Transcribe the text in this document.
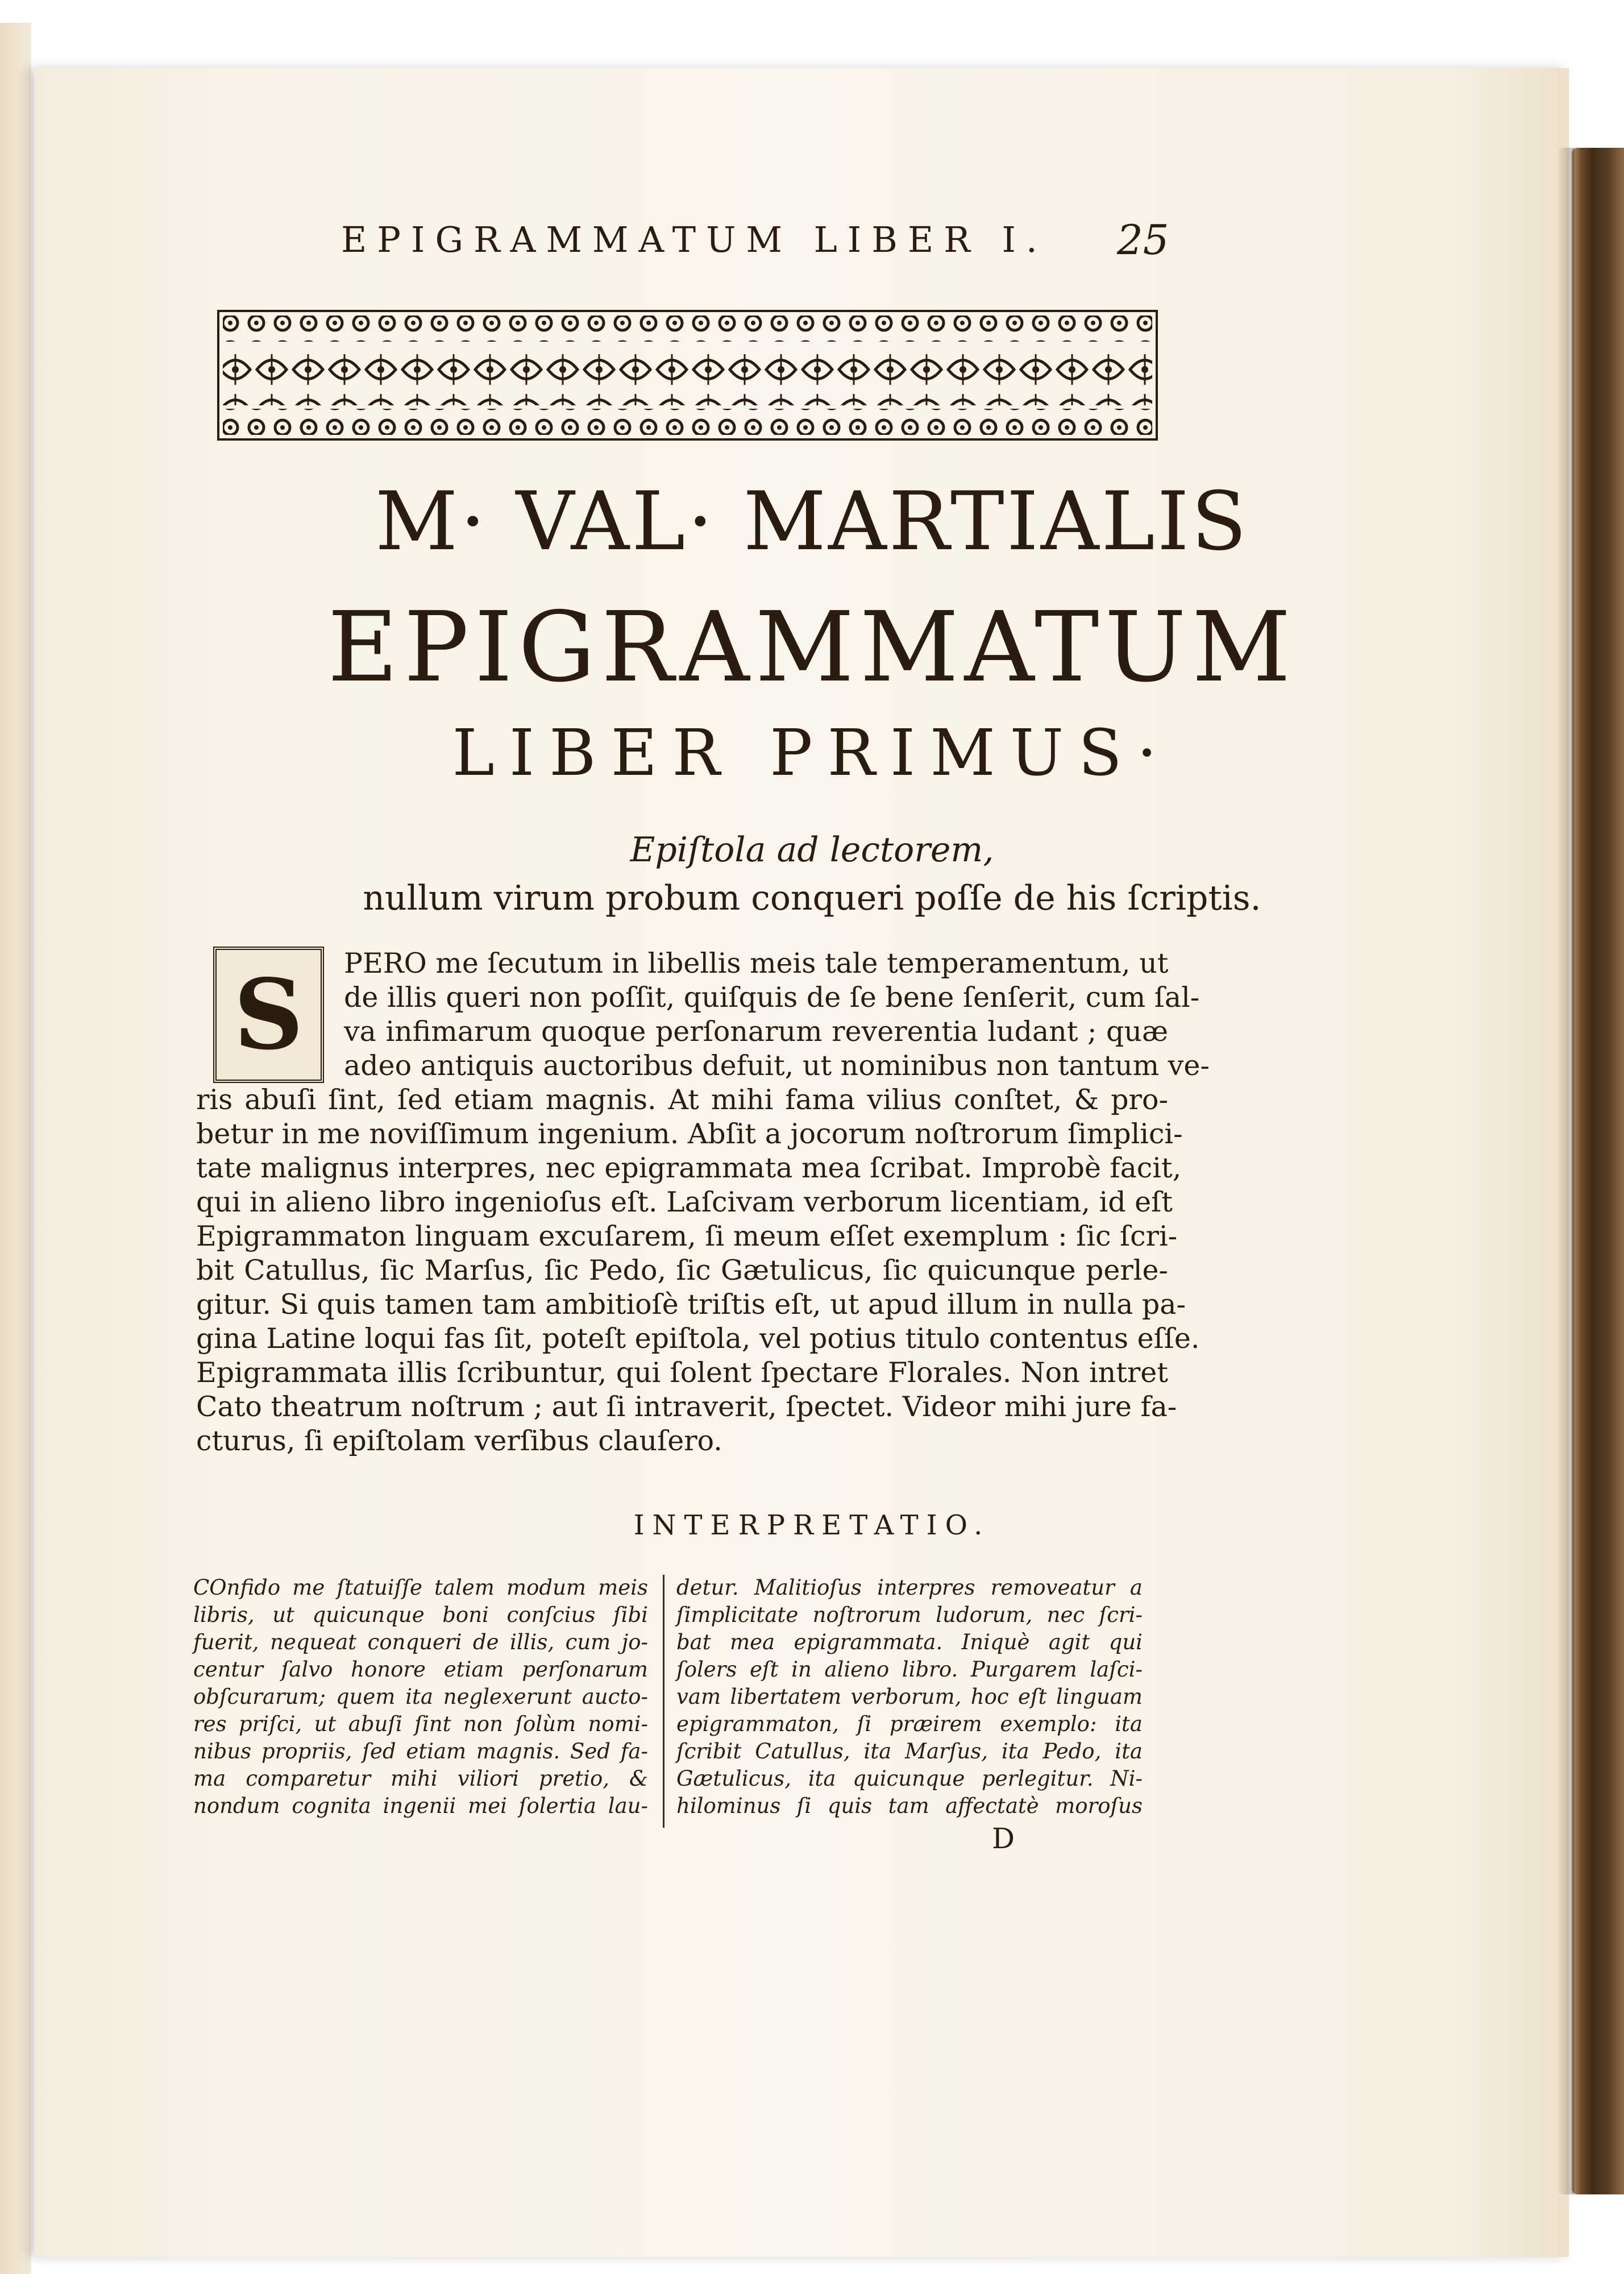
EPIGRAMMATUM LIBER I. 25
M· VAL· MARTIALIS
EPIGRAMMATUM
LIBER PRIMUS·
Epiſtola ad lectorem,
nullum virum probum conqueri poſſe de his ſcriptis.
S	PERO me ſecutum in libellis meis tale temperamentum, ut
de illis queri non poſſit, quiſquis de ſe bene ſenſerit, cum ſal-
va infimarum quoque perſonarum reverentia ludant ; quæ
adeo antiquis auctoribus defuit, ut nominibus non tantum ve-
ris abuſi ſint, ſed etiam magnis. At mihi fama vilius conſtet, & pro-
betur in me noviſſimum ingenium. Abſit a jocorum noſtrorum ſimplici-
tate malignus interpres, nec epigrammata mea ſcribat. Improbè facit,
qui in alieno libro ingenioſus eſt. Laſcivam verborum licentiam, id eſt
Epigrammaton linguam excuſarem, ſi meum eſſet exemplum : ſic ſcri-
bit Catullus, ſic Marſus, ſic Pedo, ſic Gætulicus, ſic quicunque perle-
gitur. Si quis tamen tam ambitioſè triſtis eſt, ut apud illum in nulla pa-
gina Latine loqui fas ſit, poteſt epiſtola, vel potius titulo contentus eſſe.
Epigrammata illis ſcribuntur, qui ſolent ſpectare Florales. Non intret
Cato theatrum noſtrum ; aut ſi intraverit, ſpectet. Videor mihi jure fa-
cturus, ſi epiſtolam verſibus clauſero.
INTERPRETATIO.
COnfido me ſtatuiſſe talem modum meis
libris, ut quicunque boni conſcius ſibi
fuerit, nequeat conqueri de illis, cum jo-
centur ſalvo honore etiam perſonarum
obſcurarum; quem ita neglexerunt aucto-
res priſci, ut abuſi ſint non ſolùm nomi-
nibus propriis, ſed etiam magnis. Sed fa-
ma comparetur mihi viliori pretio, &
nondum cognita ingenii mei ſolertia lau-
detur. Malitioſus interpres removeatur a
ſimplicitate noſtrorum ludorum, nec ſcri-
bat mea epigrammata. Iniquè agit qui
ſolers eſt in alieno libro. Purgarem laſci-
vam libertatem verborum, hoc eſt linguam
epigrammaton, ſi præirem exemplo: ita
ſcribit Catullus, ita Marſus, ita Pedo, ita
Gætulicus, ita quicunque perlegitur. Ni-
hilominus ſi quis tam affectatè moroſus
D
